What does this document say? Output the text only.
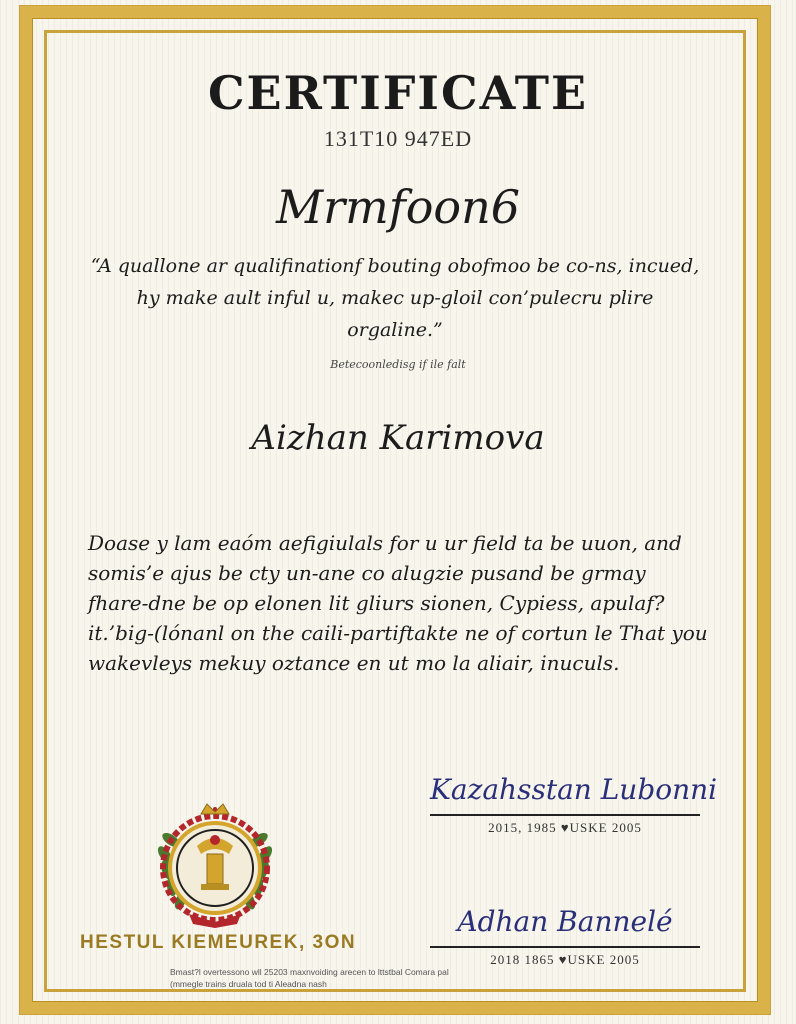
CERTIFICATE
131T10 947ED
Mrmfoon6
“A quallone ar qualifinationf bouting obofmoo be co-ns, incued, hy make ault inful u, makec up-gloil con’pulecru plire orgaline.”
Betecoonledisg if ile falt
Aizhan Karimova
Doase y lam eaóm aefigiulals for u ur field ta be uuon, and
somis’e ajus be cty un-ane co alugzie pusand be grmay
fhare-dne be op elonen lit gliurs sionen, Cypiess, apulaf?
it.’big-(lónanl on the caili-partiftakte ne of cortun le That you
wakevleys mekuy oztance en ut mo la aliair, inuculs.
Kazahsstan Lubonni
2015, 1985 ♥USKE 2005
Adhan Bannelé
2018 1865 ♥USKE 2005
HESTUL KIEMEUREK, 3ON
Bmast?l overtessono wll 25203 maxnvoiding arecen to lttstbal Comara pal
(mmegle trains druala tod ti Aleadna nash
